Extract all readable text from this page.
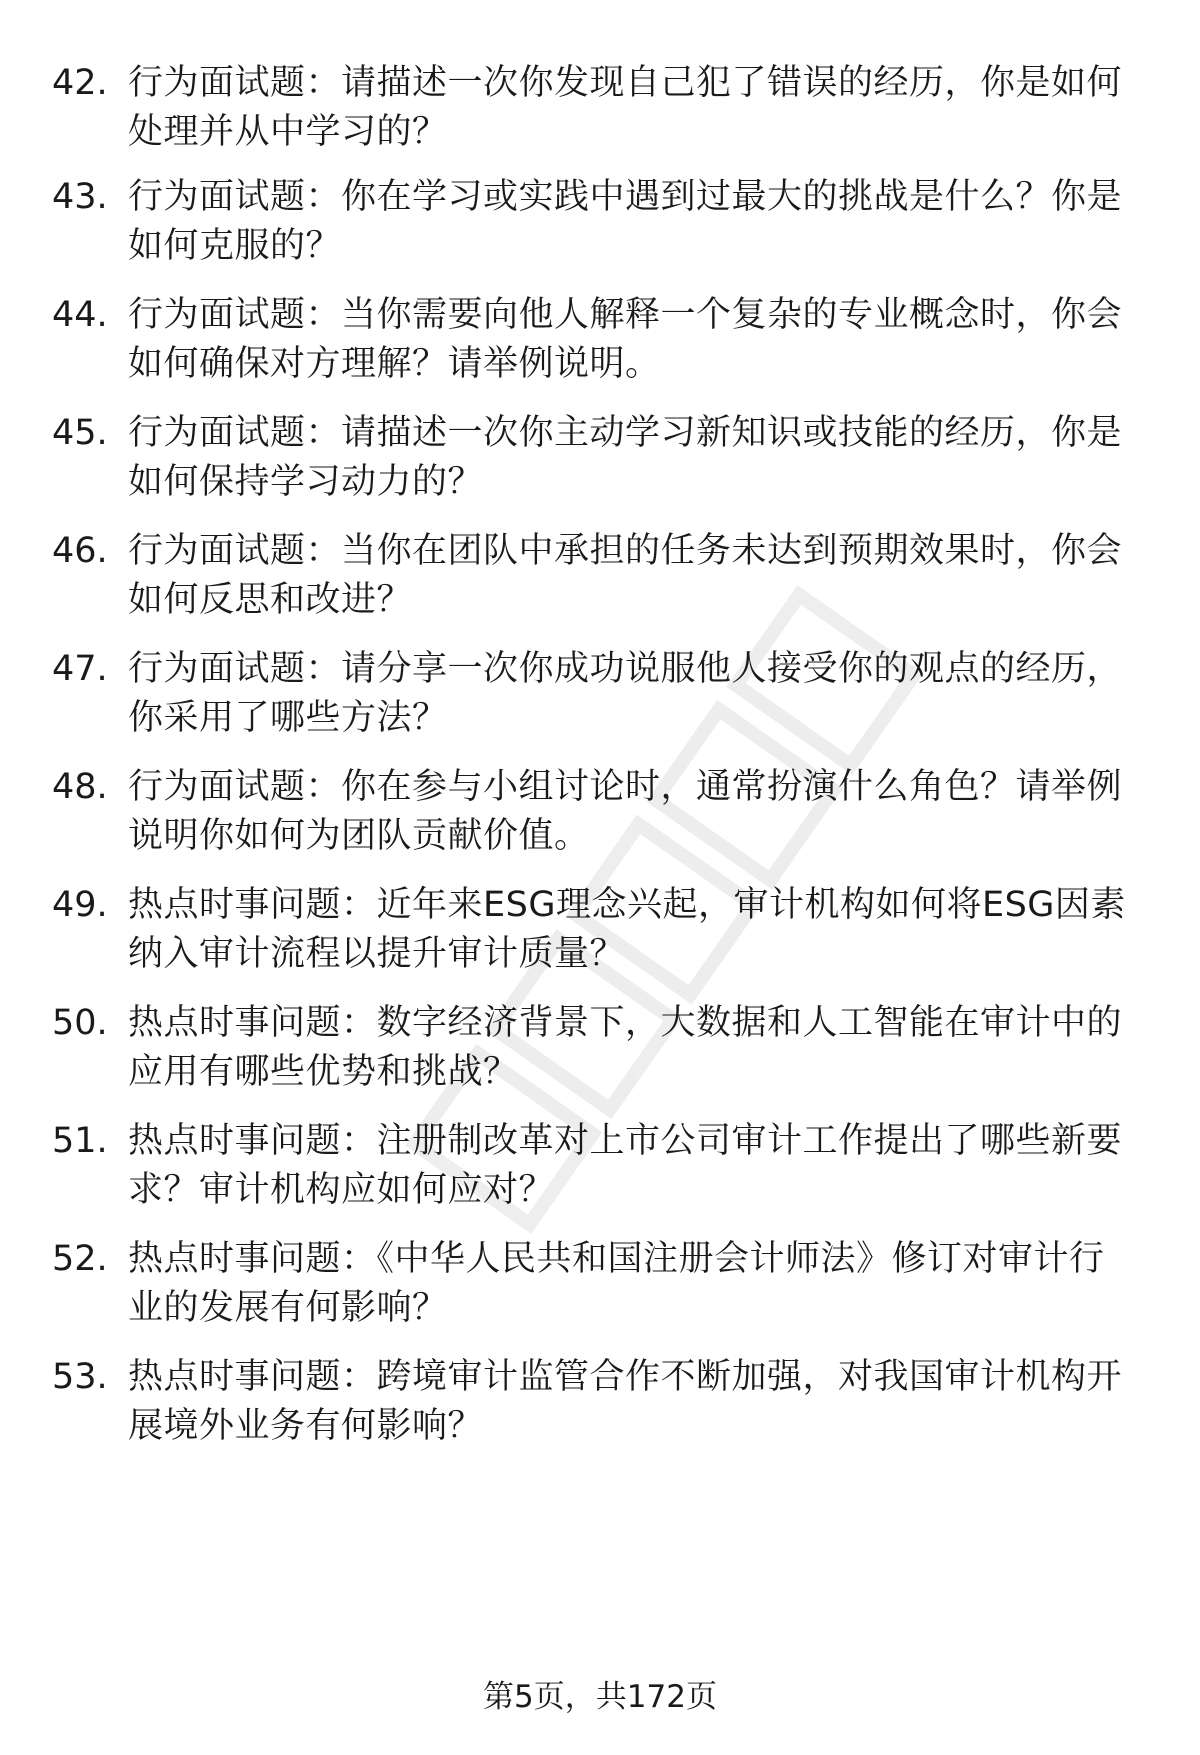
42. 行为面试题：请描述一次你发现自己犯了错误的经历，你是如何
处理并从中学习的？
43. 行为面试题：你在学习或实践中遇到过最大的挑战是什么？你是
如何克服的？
44. 行为面试题：当你需要向他人解释一个复杂的专业概念时，你会
如何确保对方理解？请举例说明。
45. 行为面试题：请描述一次你主动学习新知识或技能的经历，你是
如何保持学习动力的？
46. 行为面试题：当你在团队中承担的任务未达到预期效果时，你会
如何反思和改进？
47. 行为面试题：请分享一次你成功说服他人接受你的观点的经历，
你采用了哪些方法？
48. 行为面试题：你在参与小组讨论时，通常扮演什么角色？请举例
说明你如何为团队贡献价值。
49. 热点时事问题：近年来ESG理念兴起，审计机构如何将ESG因素
纳入审计流程以提升审计质量？
50. 热点时事问题：数字经济背景下，大数据和人工智能在审计中的
应用有哪些优势和挑战？
51. 热点时事问题：注册制改革对上市公司审计工作提出了哪些新要
求？审计机构应如何应对？
52. 热点时事问题：《中华人民共和国注册会计师法》修订对审计行
业的发展有何影响？
53. 热点时事问题：跨境审计监管合作不断加强，对我国审计机构开
展境外业务有何影响？
第5页，共172页
